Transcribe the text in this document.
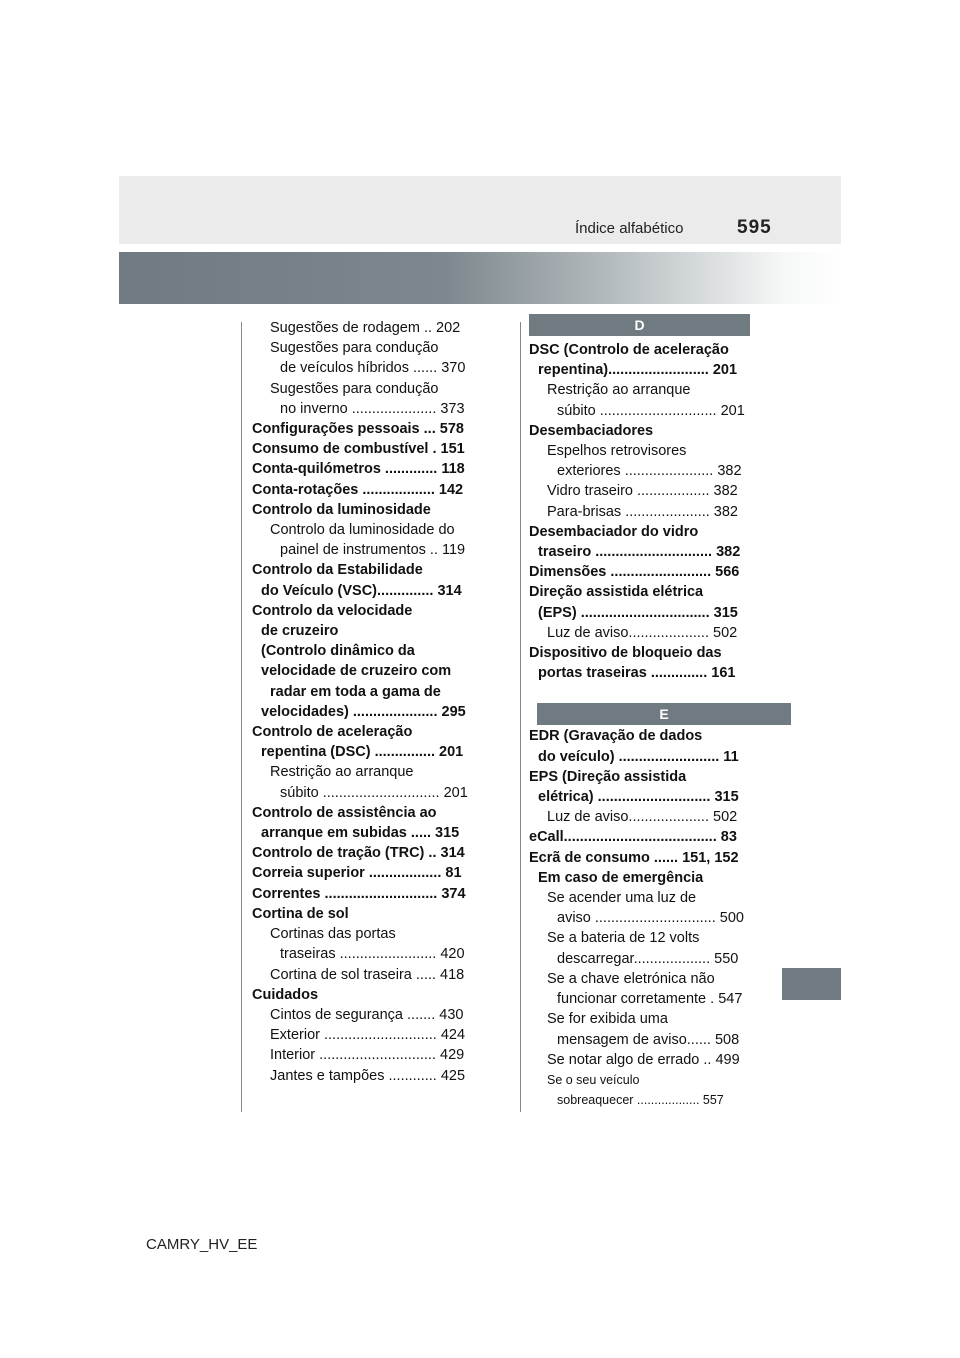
Índice alfabético	595
Sugestões de rodagem .. 202
Sugestões para condução
de veículos híbridos ...... 370
Sugestões para condução
no inverno ..................... 373
Configurações pessoais ... 578
Consumo de combustível . 151
Conta-quilómetros ............. 118
Conta-rotações .................. 142
Controlo da luminosidade
Controlo da luminosidade do
painel de instrumentos .. 119
Controlo da Estabilidade
do Veículo (VSC).............. 314
Controlo da velocidade
de cruzeiro
(Controlo dinâmico da
velocidade de cruzeiro com
radar em toda a gama de
velocidades) ..................... 295
Controlo de aceleração
repentina (DSC) ............... 201
Restrição ao arranque
súbito ............................. 201
Controlo de assistência ao
arranque em subidas ..... 315
Controlo de tração (TRC) .. 314
Correia superior .................. 81
Correntes ............................ 374
Cortina de sol
Cortinas das portas
traseiras ........................ 420
Cortina de sol traseira ..... 418
Cuidados
Cintos de segurança ....... 430
Exterior ............................ 424
Interior ............................. 429
Jantes e tampões ............ 425
D
DSC (Controlo de aceleração
repentina)......................... 201
Restrição ao arranque
súbito ............................. 201
Desembaciadores
Espelhos retrovisores
exteriores ...................... 382
Vidro traseiro .................. 382
Para-brisas ..................... 382
Desembaciador do vidro
traseiro ............................. 382
Dimensões ......................... 566
Direção assistida elétrica
(EPS) ................................ 315
Luz de aviso.................... 502
Dispositivo de bloqueio das
portas traseiras .............. 161
E
EDR (Gravação de dados
do veículo) ......................... 11
EPS (Direção assistida
elétrica) ............................ 315
Luz de aviso.................... 502
eCall...................................... 83
Ecrã de consumo ...... 151, 152
Em caso de emergência
Se acender uma luz de
aviso .............................. 500
Se a bateria de 12 volts
descarregar................... 550
Se a chave eletrónica não
funcionar corretamente . 547
Se for exibida uma
mensagem de aviso...... 508
Se notar algo de errado .. 499
Se o seu veículo
sobreaquecer .................. 557
CAMRY_HV_EE
